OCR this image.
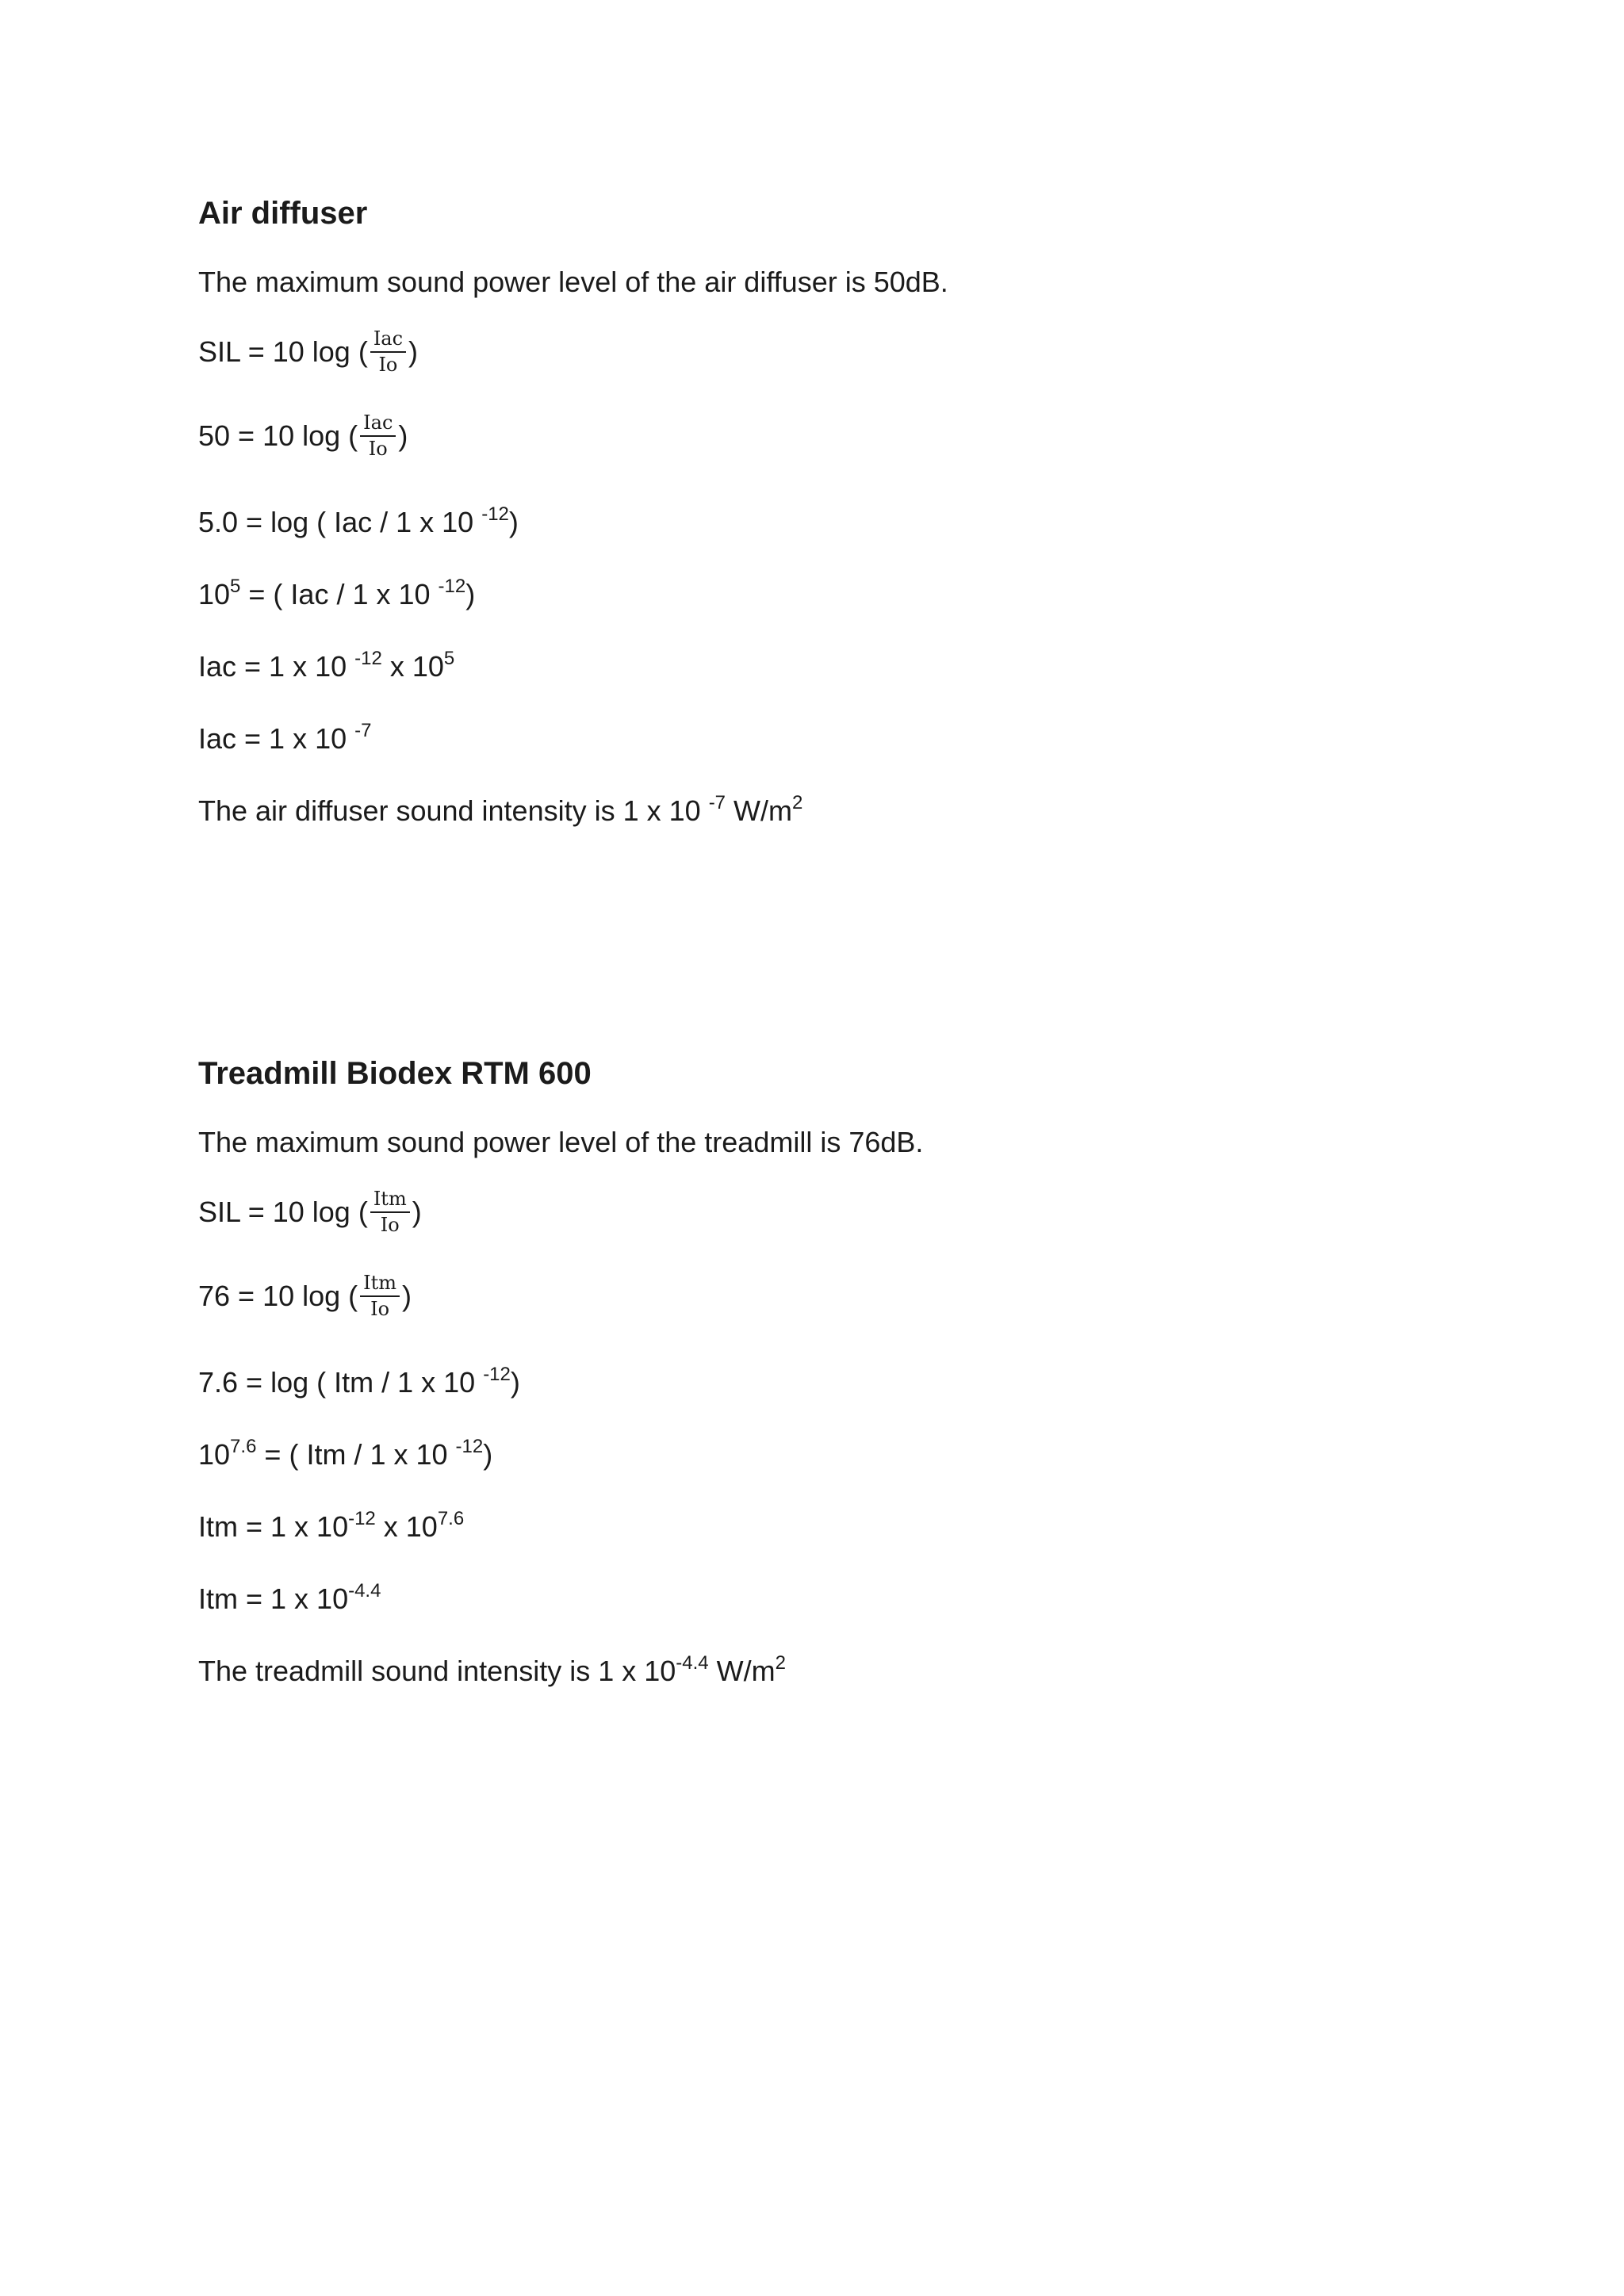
Air diffuser

The maximum sound power level of the air diffuser is 50dB.

SIL = 10 log ( $\frac{\text{Iac}}{Io}$ )
50 = 10 log ( $\frac{\text{Iac}}{Io}$ )
5.0 = log ( Iac / 1 x 10 $^{-12}$)
$10^5$ = ( Iac / 1 x 10 $^{-12}$)
Iac = 1 x 10 $^{-12}$ x $10^5$
Iac = 1 x 10 $^{-7}$

The air diffuser sound intensity is 1 x 10 $^{-7}$ $W/m^2$

Treadmill Biodex RTM 600

The maximum sound power level of the treadmill is 76dB.

SIL = 10 log ( $\frac{\text{Itm}}{Io}$ )
76 = 10 log ( $\frac{\text{Itm}}{Io}$ )
7.6 = log ( Itm / 1 x 10 $^{-12}$)
$10^{7.6}$ = ( Itm / 1 x 10 $^{-12}$)
Itm = 1 x $10^{-12}$ x $10^{7.6}$
Itm = 1 x $10^{-4.4}$

The treadmill sound intensity is 1 x $10^{-4.4}$ $W/m^2$
